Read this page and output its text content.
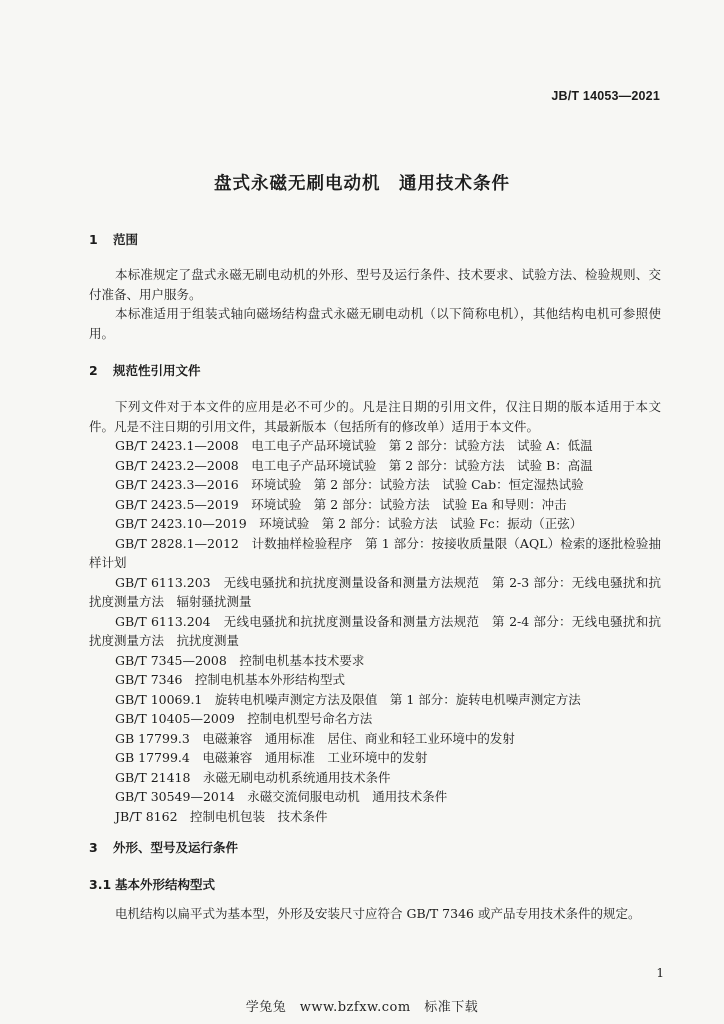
JB/T 14053—2021
盘式永磁无刷电动机　通用技术条件
1 范围

本标准规定了盘式永磁无刷电动机的外形、型号及运行条件、技术要求、试验方法、检验规则、交付准备、用户服务。

本标准适用于组装式轴向磁场结构盘式永磁无刷电动机（以下简称电机），其他结构电机可参照使用。

2 规范性引用文件

下列文件对于本文件的应用是必不可少的。凡是注日期的引用文件，仅注日期的版本适用于本文件。凡是不注日期的引用文件，其最新版本（包括所有的修改单）适用于本文件。

GB/T 2423.1—2008　电工电子产品环境试验　第 2 部分：试验方法　试验 A：低温
GB/T 2423.2—2008　电工电子产品环境试验　第 2 部分：试验方法　试验 B：高温
GB/T 2423.3—2016　环境试验　第 2 部分：试验方法　试验 Cab：恒定湿热试验
GB/T 2423.5—2019　环境试验　第 2 部分：试验方法　试验 Ea 和导则：冲击
GB/T 2423.10—2019　环境试验　第 2 部分：试验方法　试验 Fc：振动（正弦）
GB/T 2828.1—2012　计数抽样检验程序　第 1 部分：按接收质量限（AQL）检索的逐批检验抽样计划
GB/T 6113.203　无线电骚扰和抗扰度测量设备和测量方法规范　第 2-3 部分：无线电骚扰和抗扰度测量方法　辐射骚扰测量
GB/T 6113.204　无线电骚扰和抗扰度测量设备和测量方法规范　第 2-4 部分：无线电骚扰和抗扰度测量方法　抗扰度测量
GB/T 7345—2008　控制电机基本技术要求
GB/T 7346　控制电机基本外形结构型式
GB/T 10069.1　旋转电机噪声测定方法及限值　第 1 部分：旋转电机噪声测定方法
GB/T 10405—2009　控制电机型号命名方法
GB 17799.3　电磁兼容　通用标准　居住、商业和轻工业环境中的发射
GB 17799.4　电磁兼容　通用标准　工业环境中的发射
GB/T 21418　永磁无刷电动机系统通用技术条件
GB/T 30549—2014　永磁交流伺服电动机　通用技术条件
JB/T 8162　控制电机包装　技术条件
3 外形、型号及运行条件
3.1 基本外形结构型式

电机结构以扁平式为基本型，外形及安装尺寸应符合 GB/T 7346 或产品专用技术条件的规定。

1
学兔兔　www.bzfxw.com　标准下载
